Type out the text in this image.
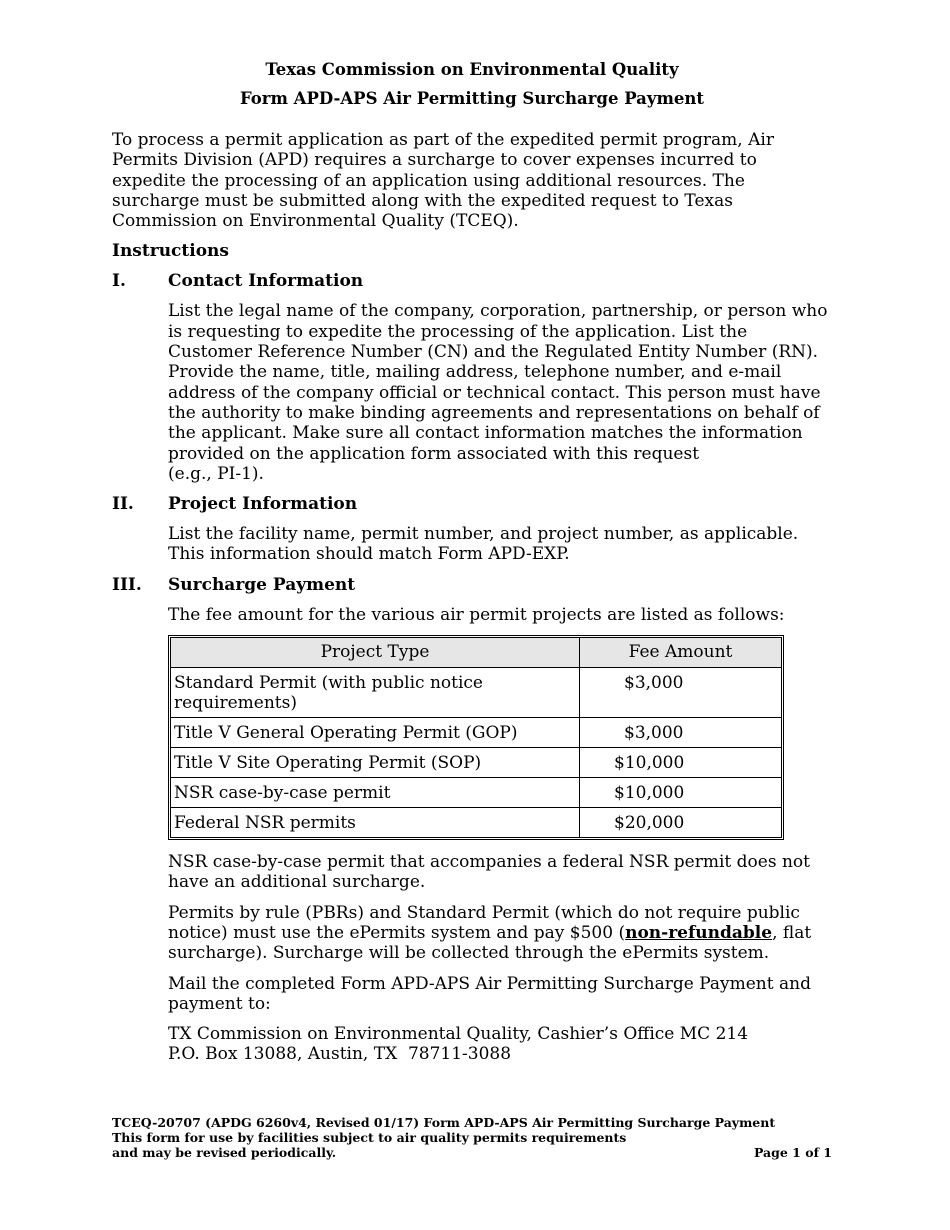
Texas Commission on Environmental Quality

Form APD-APS Air Permitting Surcharge Payment

To process a permit application as part of the expedited permit program, Air Permits Division (APD) requires a surcharge to cover expenses incurred to expedite the processing of an application using additional resources. The surcharge must be submitted along with the expedited request to Texas Commission on Environmental Quality (TCEQ).

Instructions

I.	Contact Information

List the legal name of the company, corporation, partnership, or person who is requesting to expedite the processing of the application. List the Customer Reference Number (CN) and the Regulated Entity Number (RN). Provide the name, title, mailing address, telephone number, and e-mail address of the company official or technical contact. This person must have the authority to make binding agreements and representations on behalf of the applicant. Make sure all contact information matches the information provided on the application form associated with this request
(e.g., PI-1).

II.	Project Information

List the facility name, permit number, and project number, as applicable. This information should match Form APD-EXP.

III.	Surcharge Payment

The fee amount for the various air permit projects are listed as follows:

Project Type	Fee Amount
Standard Permit (with public notice requirements)	$3,000
Title V General Operating Permit (GOP)	$3,000
Title V Site Operating Permit (SOP)	$10,000
NSR case-by-case permit	$10,000
Federal NSR permits	$20,000

NSR case-by-case permit that accompanies a federal NSR permit does not have an additional surcharge.

Permits by rule (PBRs) and Standard Permit (which do not require public notice) must use the ePermits system and pay $500 (non-refundable, flat surcharge). Surcharge will be collected through the ePermits system.

Mail the completed Form APD-APS Air Permitting Surcharge Payment and payment to:

TX Commission on Environmental Quality, Cashier’s Office MC 214
P.O. Box 13088, Austin, TX  78711-3088

TCEQ-20707 (APDG 6260v4, Revised 01/17) Form APD-APS Air Permitting Surcharge Payment
This form for use by facilities subject to air quality permits requirements
and may be revised periodically.	Page 1 of 1
